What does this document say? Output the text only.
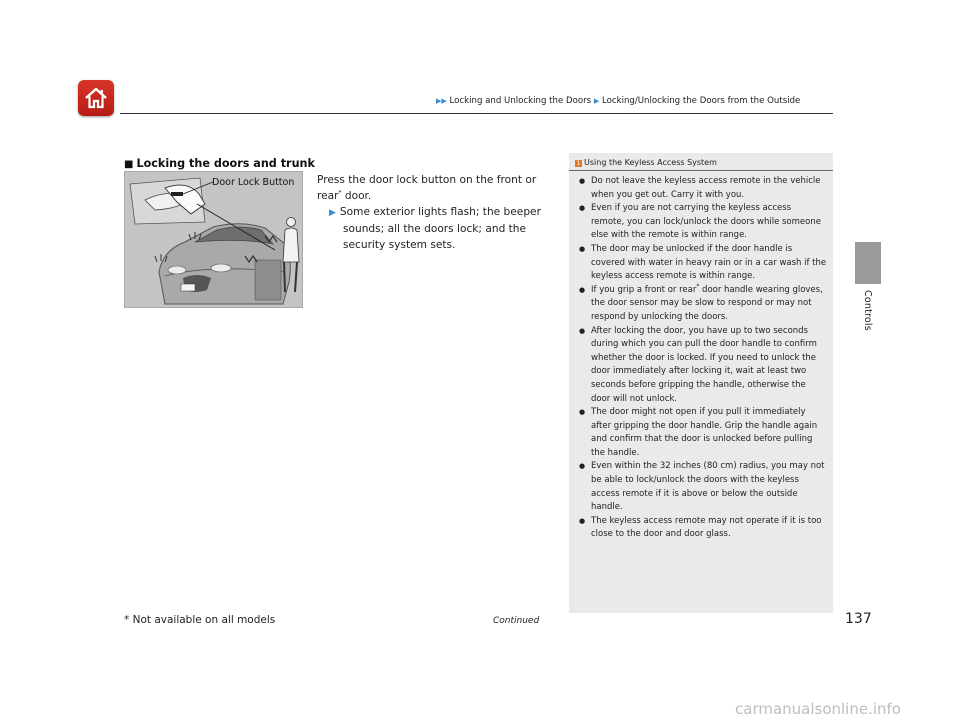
▶▶ Locking and Unlocking the Doors ▶ Locking/Unlocking the Doors from the Outside
Controls
■ Locking the doors and trunk
Door Lock Button Press the door lock button on the front or rear* door.

▶ Some exterior lights flash; the beeper sounds; all the doors lock; and the security system sets.

1 Using the Keyless Access System
● Do not leave the keyless access remote in the vehicle when you get out. Carry it with you.
● Even if you are not carrying the keyless access remote, you can lock/unlock the doors while someone else with the remote is within range.
● The door may be unlocked if the door handle is covered with water in heavy rain or in a car wash if the keyless access remote is within range.
● If you grip a front or rear* door handle wearing gloves, the door sensor may be slow to respond or may not respond by unlocking the doors.
● After locking the door, you have up to two seconds during which you can pull the door handle to confirm whether the door is locked. If you need to unlock the door immediately after locking it, wait at least two seconds before gripping the handle, otherwise the door will not unlock.
● The door might not open if you pull it immediately after gripping the door handle. Grip the handle again and confirm that the door is unlocked before pulling the handle.
● Even within the 32 inches (80 cm) radius, you may not be able to lock/unlock the doors with the keyless access remote if it is above or below the outside handle.
● The keyless access remote may not operate if it is too close to the door and door glass.
* Not available on all models	Continued	137
carmanualsonline.info
